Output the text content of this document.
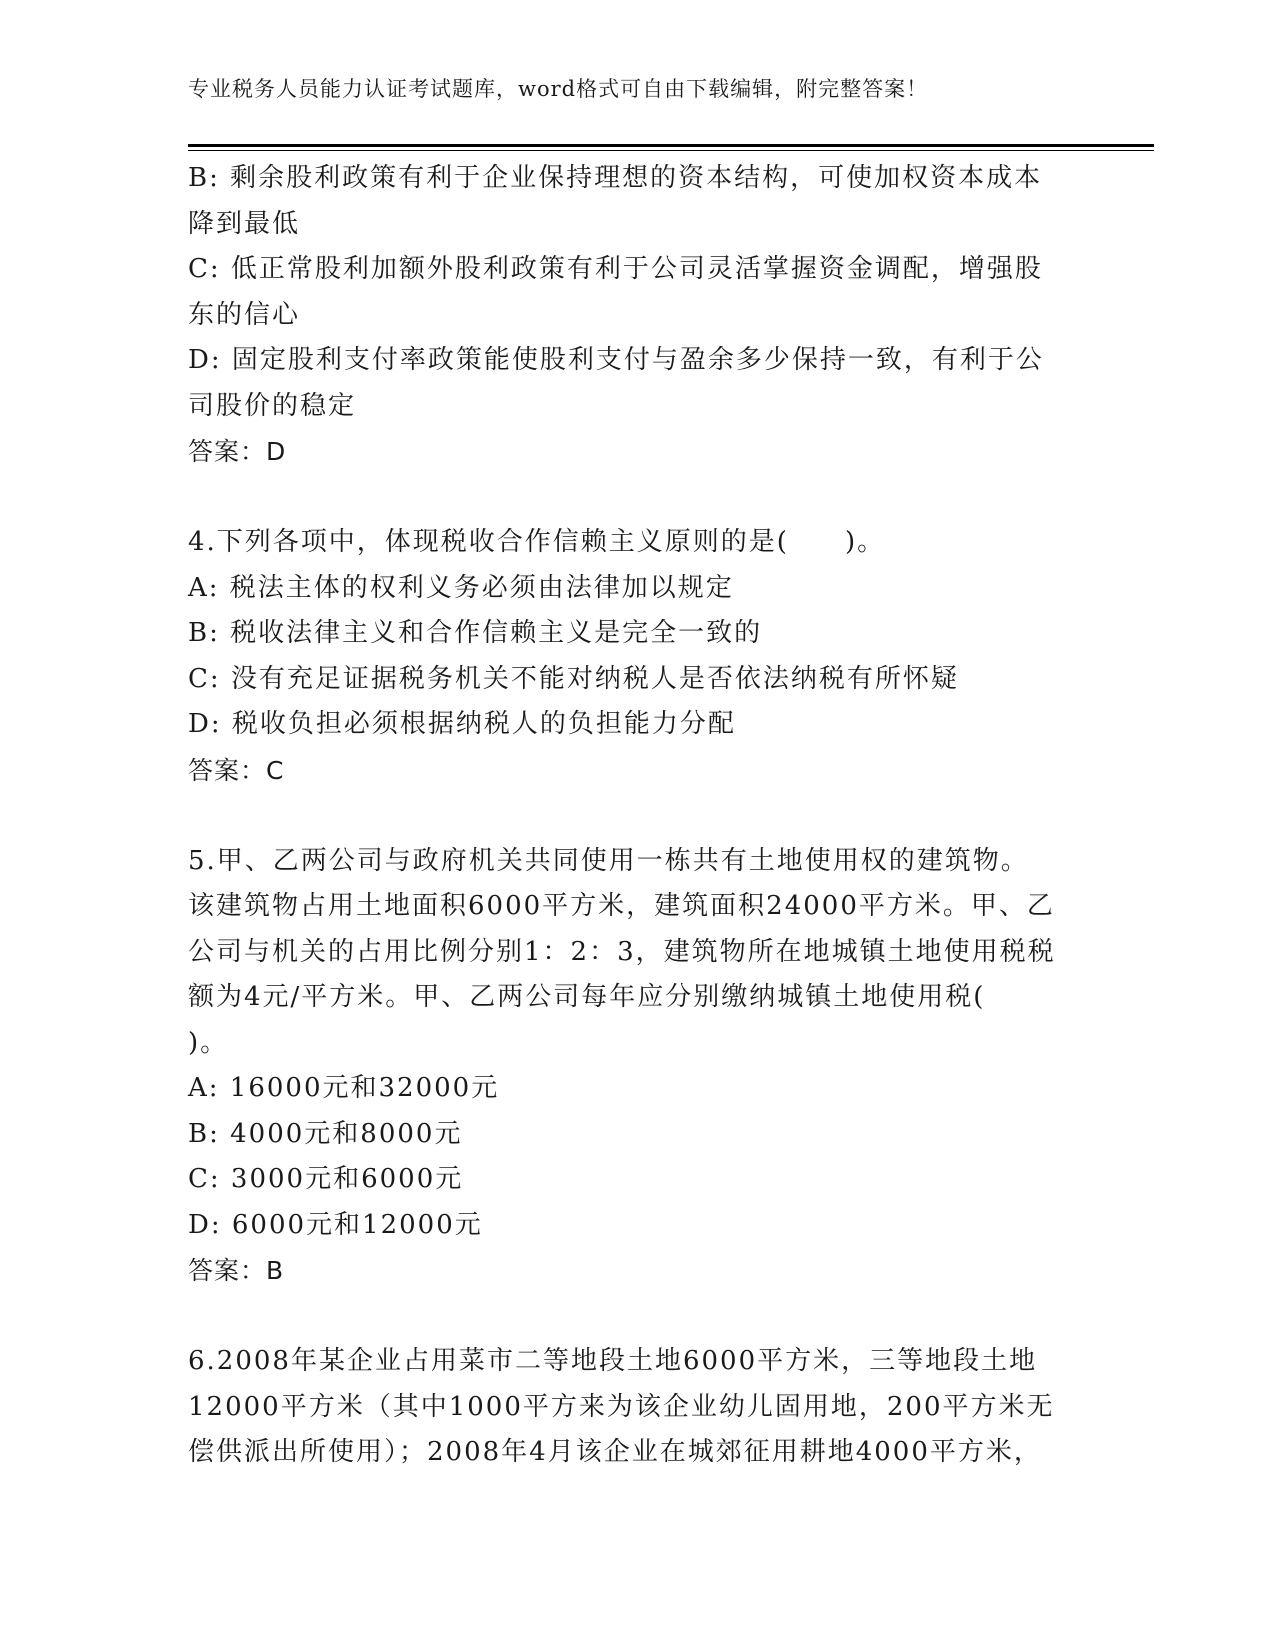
专业税务人员能力认证考试题库，word格式可自由下载编辑，附完整答案！
B: 剩余股利政策有利于企业保持理想的资本结构，可使加权资本成本
降到最低
C: 低正常股利加额外股利政策有利于公司灵活掌握资金调配，增强股
东的信心
D: 固定股利支付率政策能使股利支付与盈余多少保持一致，有利于公
司股价的稳定
答案：D
4.下列各项中，体现税收合作信赖主义原则的是(　　)。
A: 税法主体的权利义务必须由法律加以规定
B: 税收法律主义和合作信赖主义是完全一致的
C: 没有充足证据税务机关不能对纳税人是否依法纳税有所怀疑
D: 税收负担必须根据纳税人的负担能力分配
答案：C
5.甲、乙两公司与政府机关共同使用一栋共有土地使用权的建筑物。
该建筑物占用土地面积6000平方米，建筑面积24000平方米。甲、乙
公司与机关的占用比例分别1：2：3，建筑物所在地城镇土地使用税税
额为4元/平方米。甲、乙两公司每年应分别缴纳城镇土地使用税(
)。
A: 16000元和32000元
B: 4000元和8000元
C: 3000元和6000元
D: 6000元和12000元
答案：B
6.2008年某企业占用菜市二等地段土地6000平方米，三等地段土地
12000平方米（其中1000平方来为该企业幼儿固用地，200平方米无
偿供派出所使用）；2008年4月该企业在城郊征用耕地4000平方米，
